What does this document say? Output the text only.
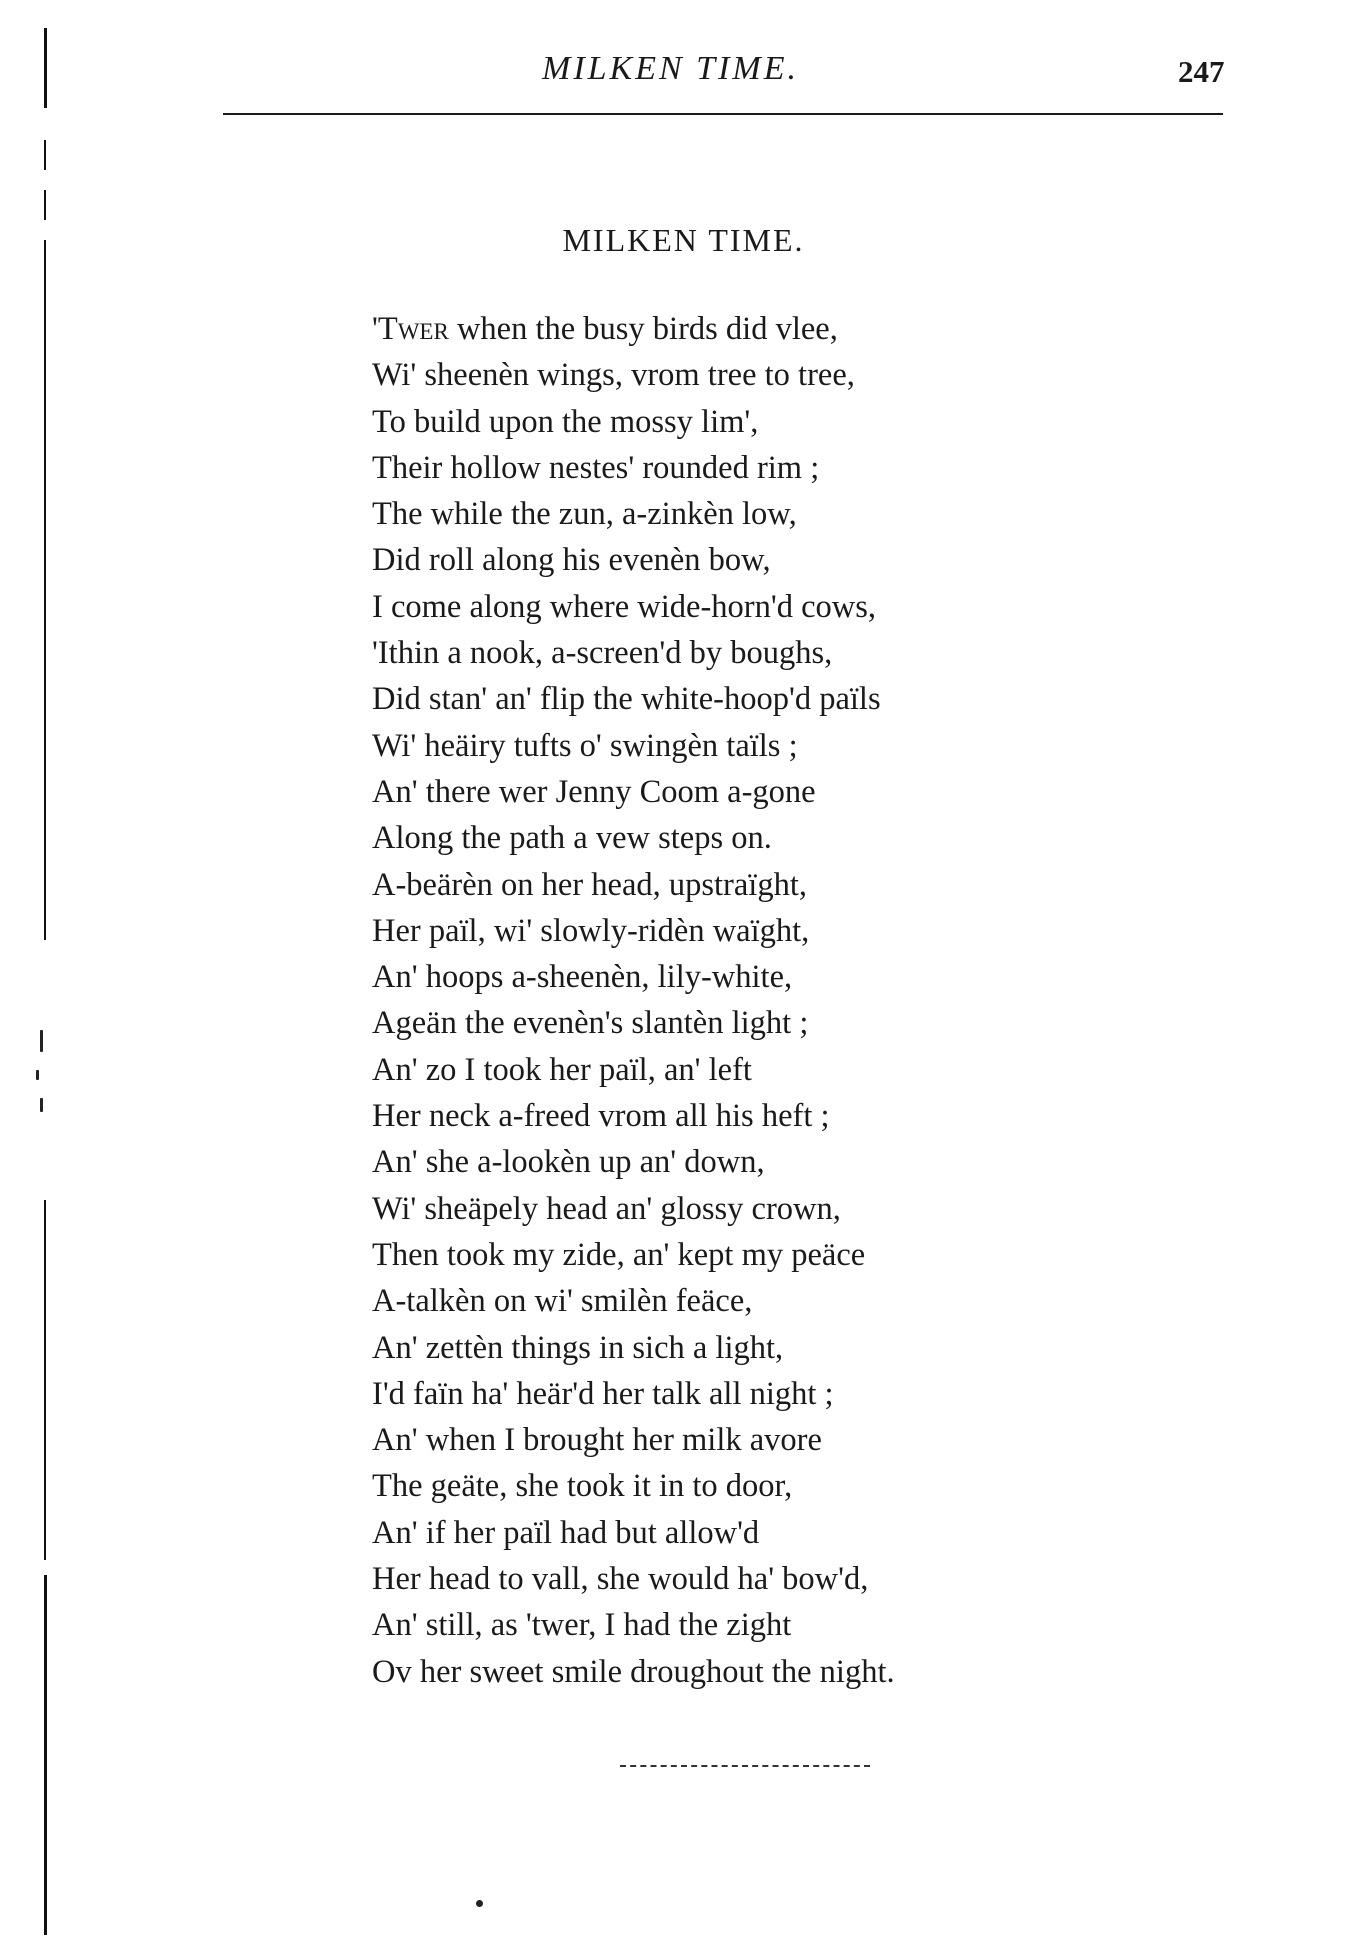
MILKEN TIME.	247
MILKEN TIME.
'Twer when the busy birds did vlee,
Wi' sheenèn wings, vrom tree to tree,
To build upon the mossy lim',
Their hollow nestes' rounded rim ;
The while the zun, a-zinkèn low,
Did roll along his evenèn bow,
I come along where wide-horn'd cows,
'Ithin a nook, a-screen'd by boughs,
Did stan' an' flip the white-hoop'd païls
Wi' heäiry tufts o' swingèn taïls ;
An' there wer Jenny Coom a-gone
Along the path a vew steps on.
A-beärèn on her head, upstraïght,
Her païl, wi' slowly-ridèn waïght,
An' hoops a-sheenèn, lily-white,
Ageän the evenèn's slantèn light ;
An' zo I took her païl, an' left
Her neck a-freed vrom all his heft ;
An' she a-lookèn up an' down,
Wi' sheäpely head an' glossy crown,
Then took my zide, an' kept my peäce
A-talkèn on wi' smilèn feäce,
An' zettèn things in sich a light,
I'd faïn ha' heär'd her talk all night ;
An' when I brought her milk avore
The geäte, she took it in to door,
An' if her païl had but allow'd
Her head to vall, she would ha' bow'd,
An' still, as 'twer, I had the zight
Ov her sweet smile droughout the night.
